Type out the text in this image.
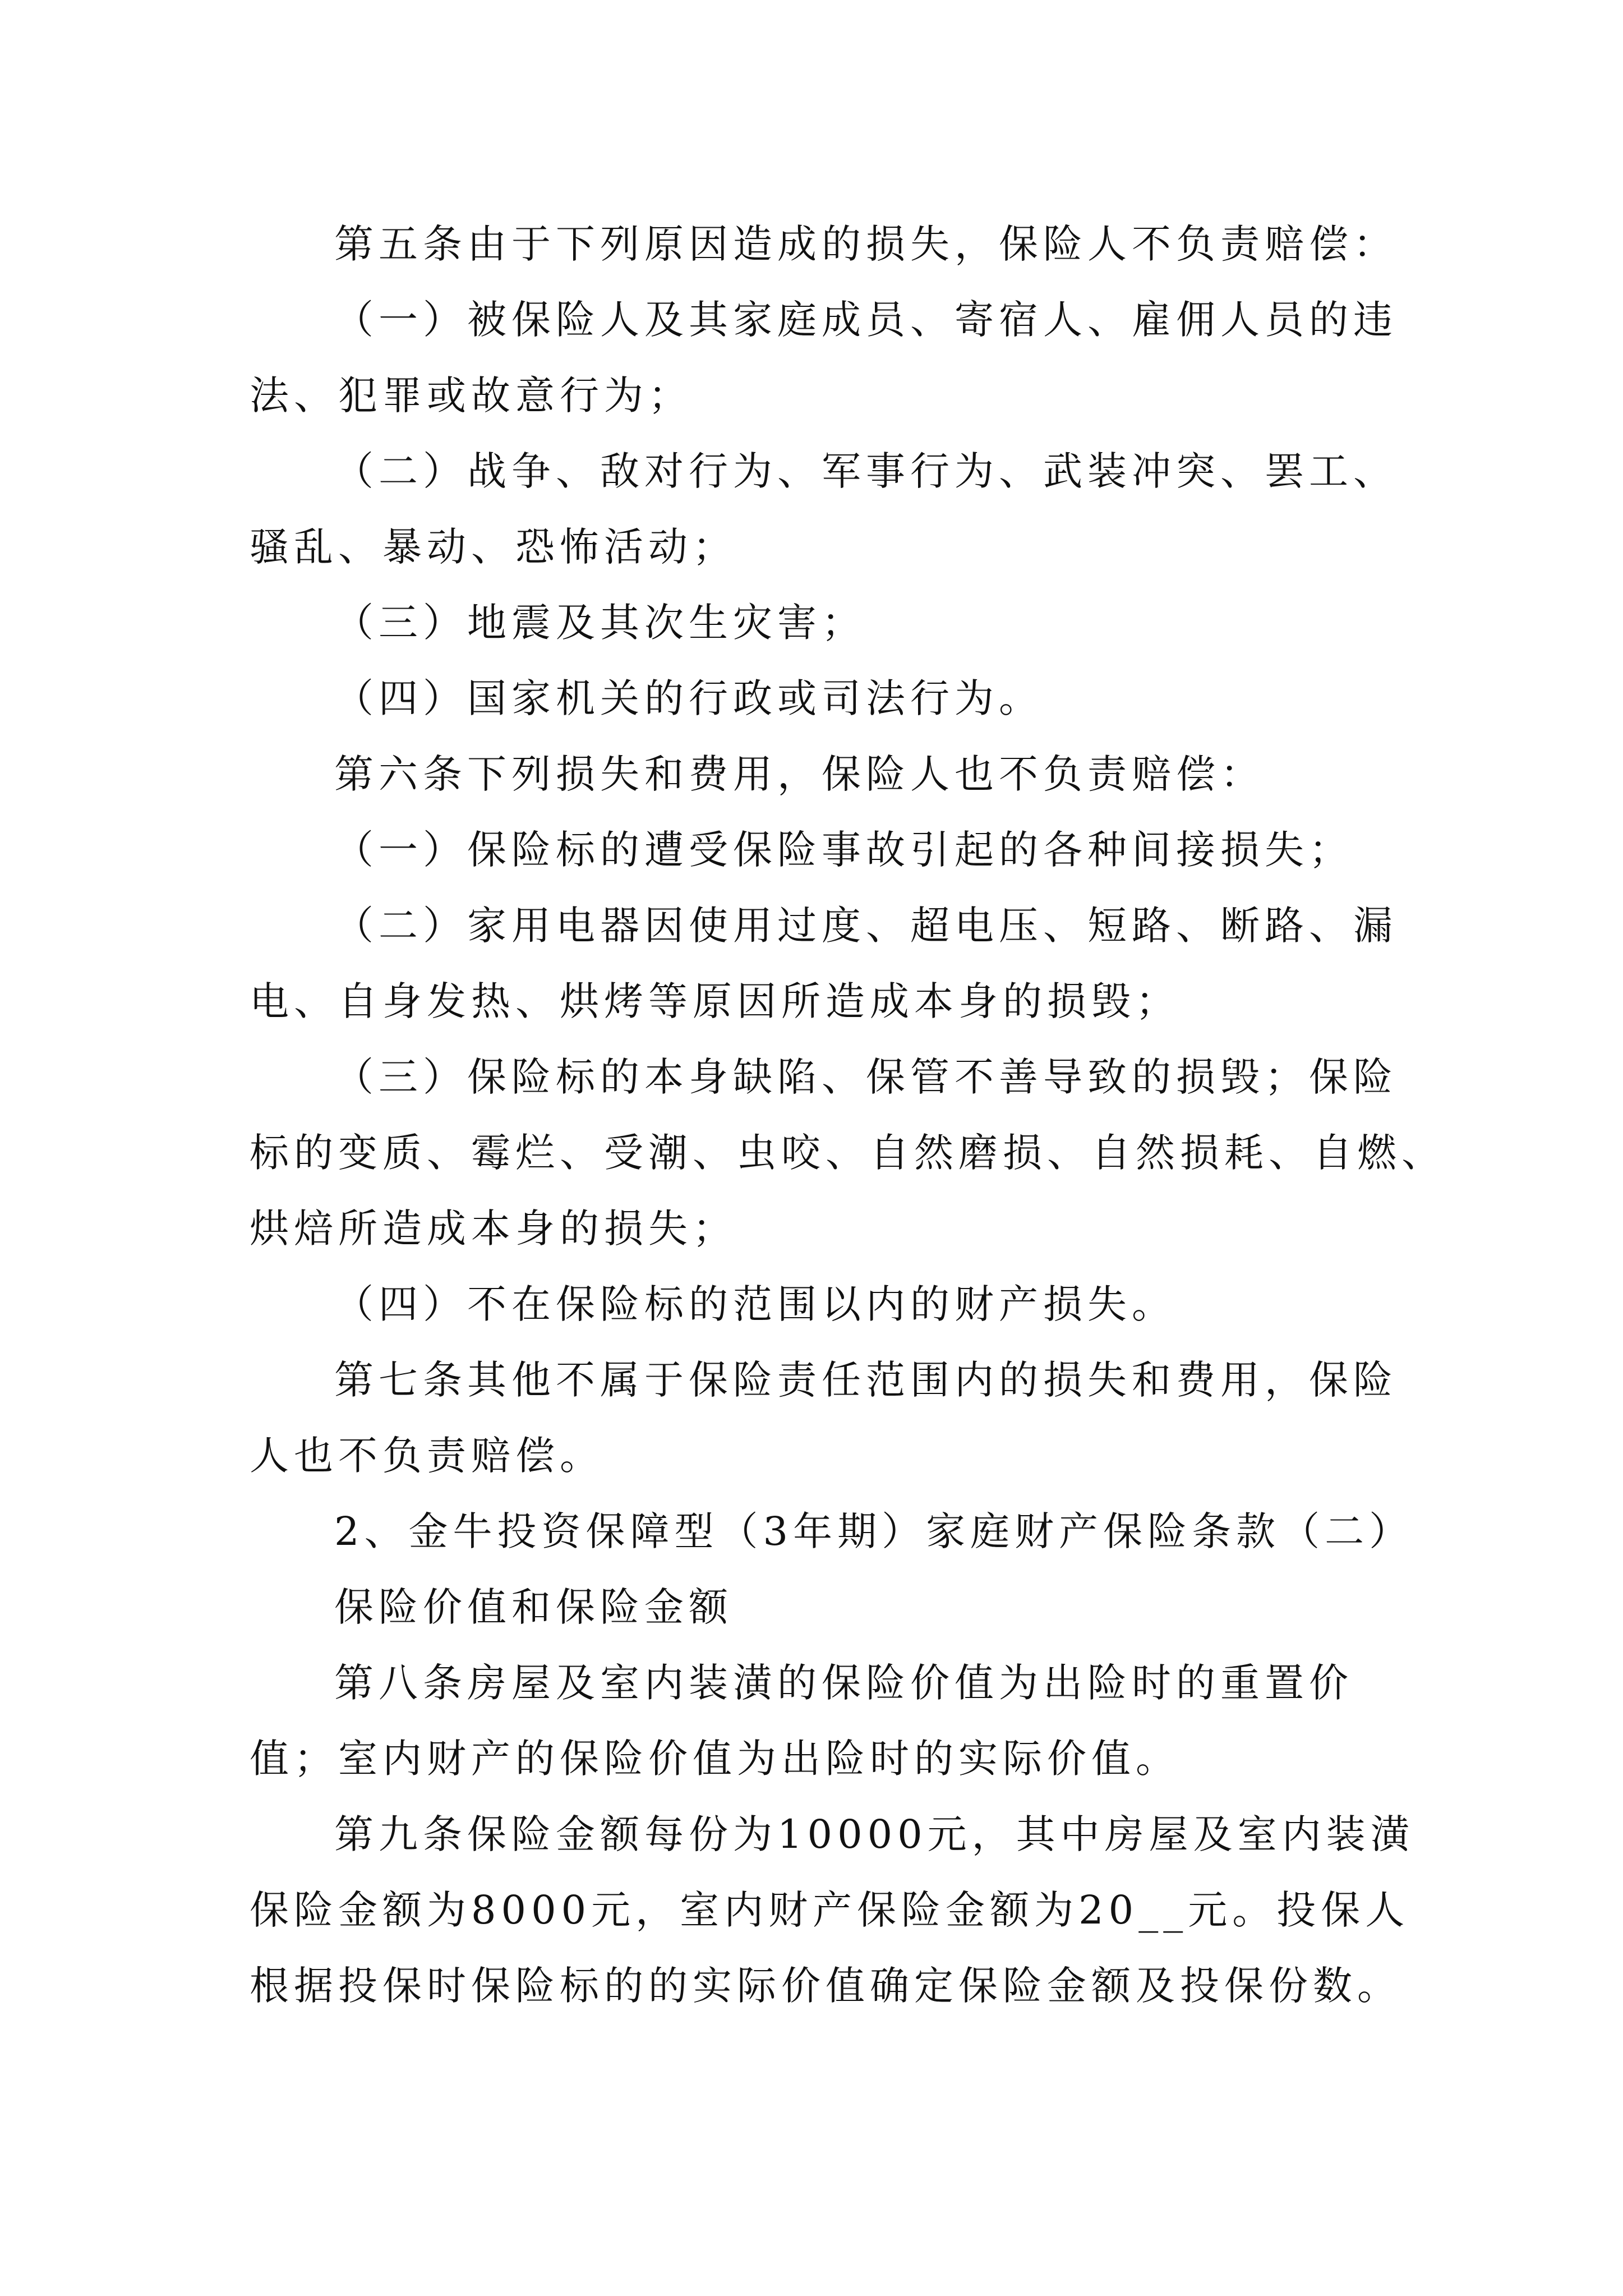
第五条由于下列原因造成的损失，保险人不负责赔偿：
（一）被保险人及其家庭成员、寄宿人、雇佣人员的违
法、犯罪或故意行为；
（二）战争、敌对行为、军事行为、武装冲突、罢工、
骚乱、暴动、恐怖活动；
（三）地震及其次生灾害；
（四）国家机关的行政或司法行为。
第六条下列损失和费用，保险人也不负责赔偿：
（一）保险标的遭受保险事故引起的各种间接损失；
（二）家用电器因使用过度、超电压、短路、断路、漏
电、自身发热、烘烤等原因所造成本身的损毁；
（三）保险标的本身缺陷、保管不善导致的损毁；保险
标的变质、霉烂、受潮、虫咬、自然磨损、自然损耗、自燃、
烘焙所造成本身的损失；
（四）不在保险标的范围以内的财产损失。
第七条其他不属于保险责任范围内的损失和费用，保险
人也不负责赔偿。
2、金牛投资保障型（3年期）家庭财产保险条款（二）
保险价值和保险金额
第八条房屋及室内装潢的保险价值为出险时的重置价
值；室内财产的保险价值为出险时的实际价值。
第九条保险金额每份为10000元，其中房屋及室内装潢
保险金额为8000元，室内财产保险金额为20__元。投保人
根据投保时保险标的的实际价值确定保险金额及投保份数。
